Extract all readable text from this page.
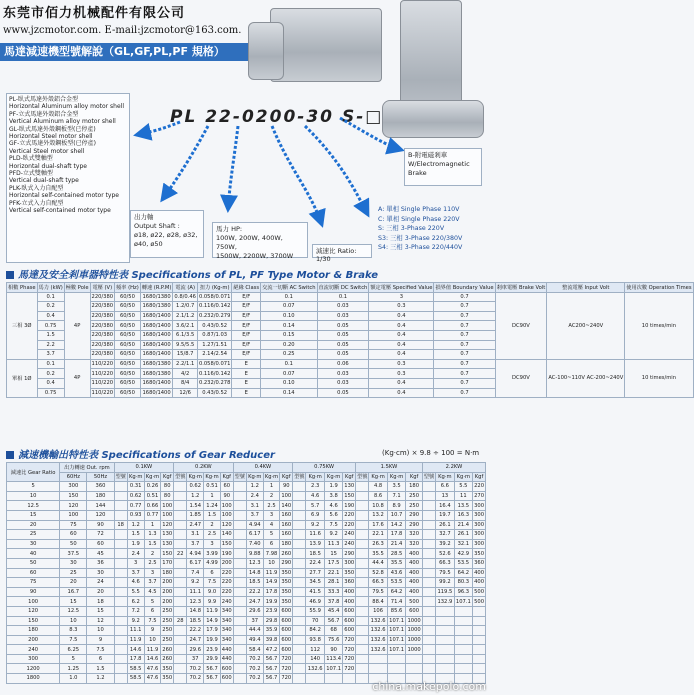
东莞市佰力机械配件有限公司
www.jzcmotor.com. E-mail:jzcmotor@163.com.
馬達減速機型號解說（GL,GF,PL,PF 規格）
PL 22-0200-30 S-□
PL-臥式馬達外殼鋁合金型
Horizontal Aluminum alloy motor shell
PF-立式馬達外殼鋁合金型
Vertical Aluminum alloy motor shell
GL-臥式馬達外殼鋼板型(已停產)
Horizontal Steel motor shell
GF-立式馬達外殼鋼板型(已停產)
Vertical Steel motor shell
PLD-臥式雙軸型
Horizontal dual-shaft type
PFD-立式雙軸型
Vertical dual-shaft type
PLK-臥式入力自配型
Horizontal self-contained motor type
PFK-立式入力自配型
Vertical self-contained motor type
B-附電磁剎車
W/Electromagnetic
Brake
出力軸
Output Shaft :
ø18, ø22, ø28, ø32,
ø40, ø50
馬力 HP:
100W, 200W, 400W, 750W,
1500W, 2200W, 3700W
減速比 Ratio: 1/30
A: 單相 Single Phase 110V
C: 單相 Single Phase 220V
S: 三相 3-Phase 220V
S3: 三相 3-Phase 220/380V
S4: 三相 3-Phase 220/440V
馬達及安全剎車器特性表 Specifications of PL, PF Type Motor & Brake
相數 Phase	馬力 (kW)	極數 Pole	電壓 (V)	頻率 (Hz)	轉速 (R.P.M)	電流 (A)	扭力 (Kg-m)	絕緣 Class	交流一切斷 AC Switch	直流切斷 DC Switch	額定電壓 Specified Value	損界值 Boundary Value	剎車電壓 Brake Volt	整流電壓 Input Volt	使用次數 Operation Times
三相 3Ø	0.1	4P	220/380	60/50	1680/1380	0.8/0.46	0.058/0.071	E/F	0.1	0.1	3	0.7	DC90V	AC200~240V	10 times/min
	0.2		220/380	60/50	1680/1380	1.2/0.7	0.116/0.142	E/F	0.07	0.03	0.3	0.7			
	0.4		220/380	60/50	1680/1400	2.1/1.2	0.232/0.279	E/F	0.10	0.03	0.4	0.7			
	0.75		220/380	60/50	1680/1400	3.6/2.1	0.43/0.52	E/F	0.14	0.05	0.4	0.7			
	1.5		220/380	60/50	1680/1400	6.1/3.5	0.87/1.03	E/F	0.15	0.05	0.4	0.7			
	2.2		220/380	60/50	1680/1400	9.5/5.5	1.27/1.51	E/F	0.20	0.05	0.4	0.7			
	3.7		220/380	60/50	1680/1400	15/8.7	2.14/2.54	E/F	0.25	0.05	0.4	0.7			
單相 1Ø	0.1	4P	110/220	60/50	1680/1380	2.2/1.1	0.058/0.071	E	0.1	0.06	0.3	0.7	DC90V	AC-100~110V AC-200~240V	10 times/min
	0.2		110/220	60/50	1680/1380	4/2	0.116/0.142	E	0.07	0.03	0.3	0.7			
	0.4		110/220	60/50	1680/1400	8/4	0.232/0.278	E	0.10	0.03	0.4	0.7			
	0.75		110/220	60/50	1680/1400	12/6	0.43/0.52	E	0.14	0.05	0.4	0.7			
減速機輸出特性表 Specifications of Gear Reducer	(Kg·cm) × 9.8 ÷ 100 = N·m
減速比 Gear Ratio	出力轉速 Out. rpm		0.1KW				0.2KW				0.4KW				0.75KW				1.5KW				2.2KW			
	60Hz	50Hz	型號	Kg·m	Kg·m	Kgf	型號	Kg·m	Kg·m	Kgf	型號	Kg·m	Kg·m	Kgf	型號	Kg·m	Kg·m	Kgf	型號	Kg·m	Kg·m	Kgf	型號	Kg·m	Kg·m	Kgf
5	300	360		0.31	0.26	80		0.62	0.51	60		1.2	1	90		2.3	1.9	130		4.8	3.5	180		6.6	5.5	220
10	150	180		0.62	0.51	80		1.2	1	90		2.4	2	100		4.6	3.8	150		8.6	7.1	250		13	11	270
12.5	120	144		0.77	0.66	100		1.54	1.24	100		3.1	2.5	140		5.7	4.6	190		10.8	8.9	250		16.4	13.5	300
15	100	120		0.93	0.77	100		1.85	1.5	100		3.7	3	160		6.9	5.6	220		13.2	10.7	290		19.7	16.3	300
20	75	90	18	1.2	1	120		2.47	2	120		4.94	4	160		9.2	7.5	220		17.6	14.2	290		26.1	21.4	300
25	60	72		1.5	1.3	130		3.1	2.5	140		6.17	5	160		11.6	9.2	240		22.1	17.8	320		32.7	26.1	300
30	50	60		1.9	1.5	130		3.7	3	150		7.40	6	180		13.9	11.3	240		26.3	21.4	320		39.2	32.1	300
40	37.5	45		2.4	2	150	22	4.94	3.99	190		9.88	7.98	260		18.5	15	290		35.5	28.5	400		52.6	42.9	350
50	30	36		3	2.5	170		6.17	4.99	200		12.3	10	290		22.4	17.5	300		44.4	35.5	400		66.3	53.5	360
60	25	30		3.7	3	180		7.4	6	220		14.8	11.9	350		27.7	22.1	350		52.8	43.6	400		79.5	64.2	400
75	20	24		4.6	3.7	200		9.2	7.5	220		18.5	14.9	350		34.5	28.1	360		66.3	53.5	400		99.2	80.3	400
90	16.7	20		5.5	4.5	200		11.1	9.0	220		22.2	17.8	350		41.5	33.3	400		79.5	64.2	400		119.5	96.3	500
100	15	18		6.2	5	200		12.3	9.9	240		24.7	19.9	350		46.9	37.8	400		88.4	71.4	500		132.9	107.1	500
120	12.5	15		7.2	6	250		14.8	11.9	340		29.6	23.9	600		55.9	45.4	600		106	85.6	600				
150	10	12		9.2	7.5	250	28	18.5	14.9	340		37	29.8	600		70	56.7	600		132.6	107.1	1000				
180	8.3	10		11.1	9	250		22.2	17.9	340		44.4	35.9	600		84.2	68	600		132.6	107.1	1000				
200	7.5	9		11.9	10	250		24.7	19.9	340		49.4	39.8	600		93.8	75.6	720		132.6	107.1	1000				
240	6.25	7.5		14.6	11.9	260		29.6	23.9	440		58.4	47.2	600		112	90	720		132.6	107.1	1000				
300	5	6		17.8	14.6	260		37	29.9	440		70.2	56.7	720		140	113.4	720								
1200	1.25	1.5		58.5	47.6	350		70.2	56.7	600		70.2	56.7	720		132.6	107.1	720								
1800	1.0	1.2		58.5	47.6	350		70.2	56.7	600		70.2	56.7	720												
china.makepolo.com
